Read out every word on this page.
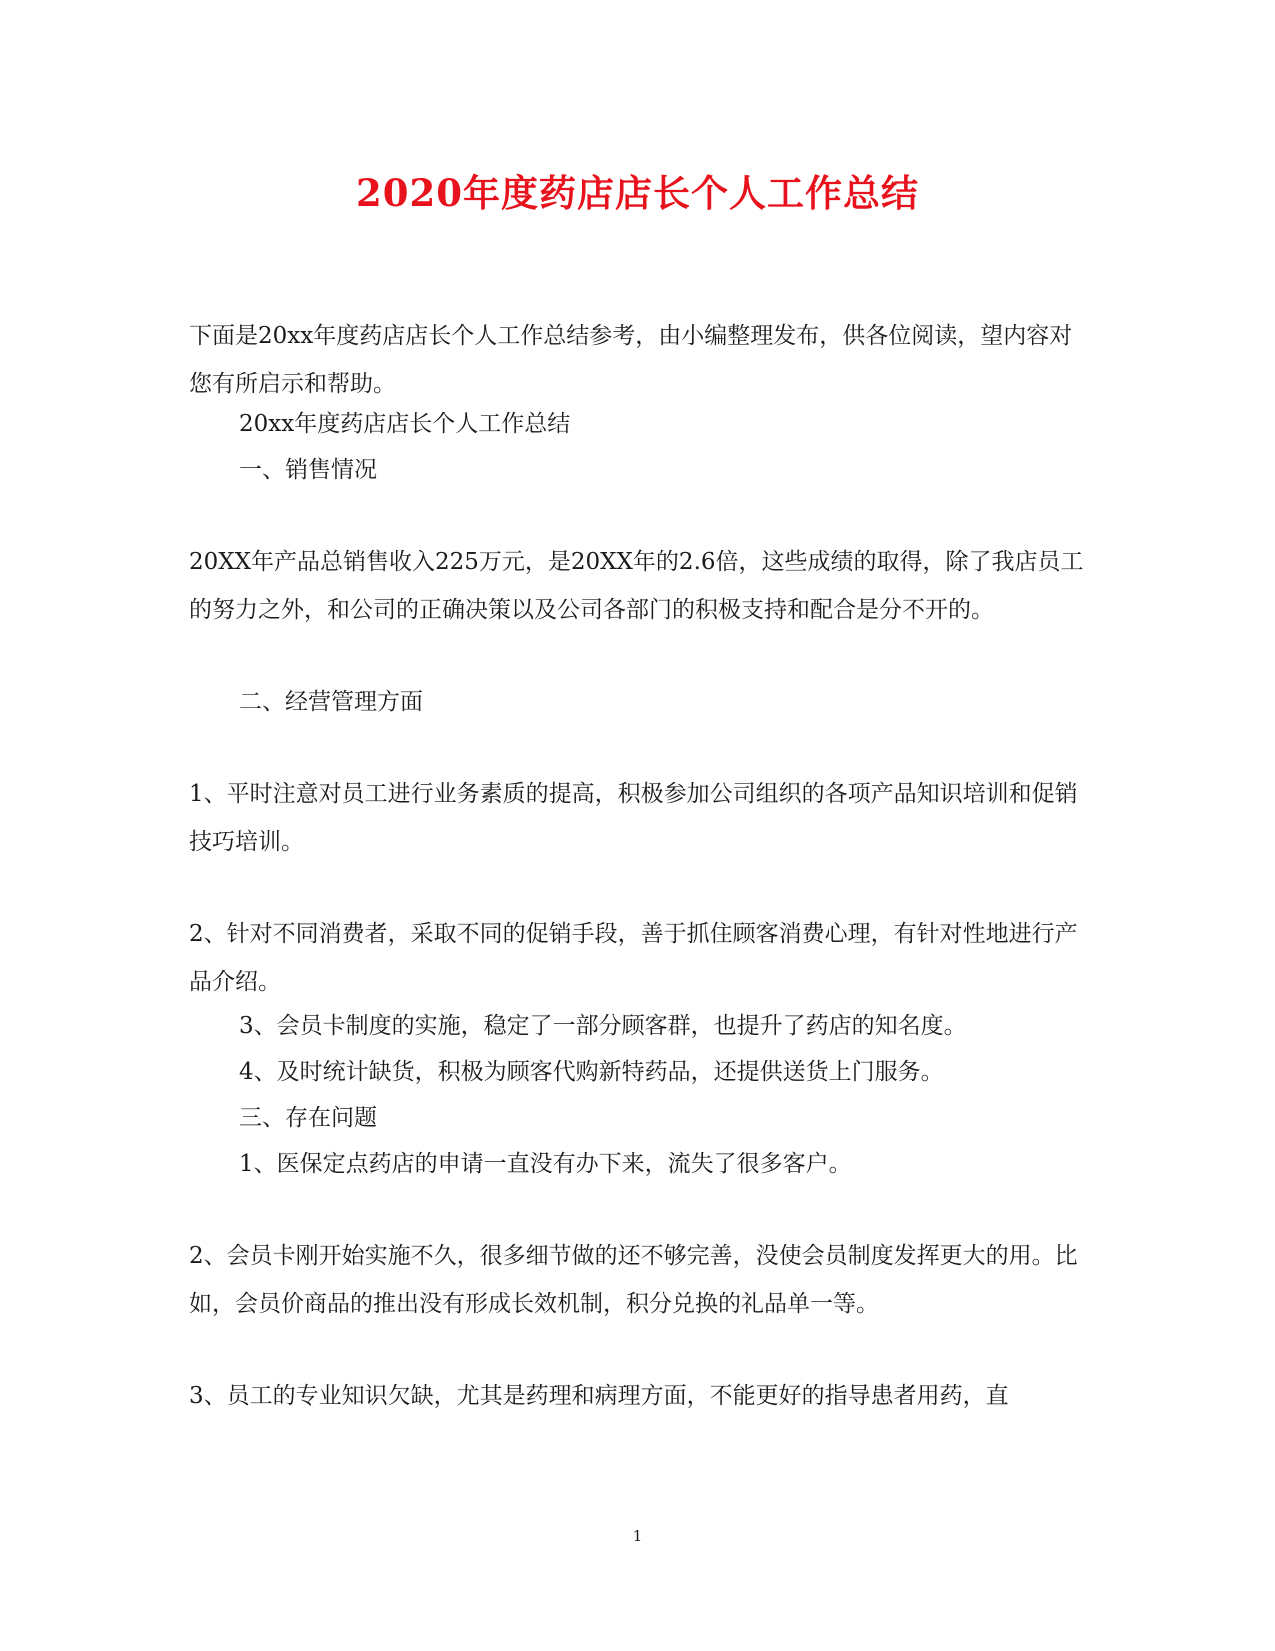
2020年度药店店长个人工作总结

下面是20xx年度药店店长个人工作总结参考，由小编整理发布，供各位阅读，望内容对您有所启示和帮助。

20xx年度药店店长个人工作总结

一、销售情况

20XX年产品总销售收入225万元，是20XX年的2.6倍，这些成绩的取得，除了我店员工的努力之外，和公司的正确决策以及公司各部门的积极支持和配合是分不开的。

二、经营管理方面

1、平时注意对员工进行业务素质的提高，积极参加公司组织的各项产品知识培训和促销技巧培训。

2、针对不同消费者，采取不同的促销手段，善于抓住顾客消费心理，有针对性地进行产品介绍。

3、会员卡制度的实施，稳定了一部分顾客群，也提升了药店的知名度。

4、及时统计缺货，积极为顾客代购新特药品，还提供送货上门服务。

三、存在问题

1、医保定点药店的申请一直没有办下来，流失了很多客户。

2、会员卡刚开始实施不久，很多细节做的还不够完善，没使会员制度发挥更大的用。比如，会员价商品的推出没有形成长效机制，积分兑换的礼品单一等。

3、员工的专业知识欠缺，尤其是药理和病理方面，不能更好的指导患者用药，直

1
